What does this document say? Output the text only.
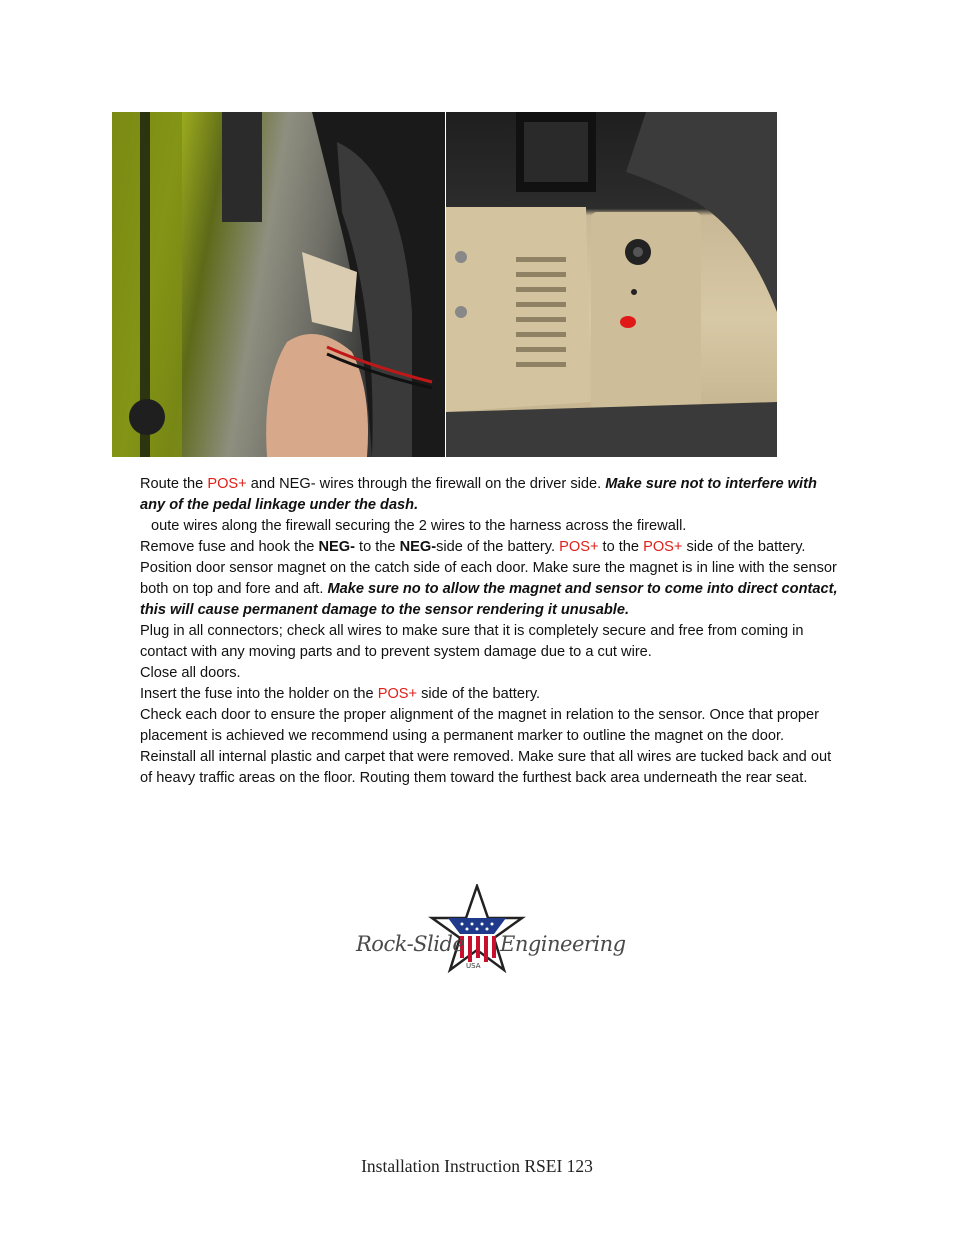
Route the POS+ and NEG- wires through the firewall on the driver side. Make sure not to interfere with any of the pedal linkage under the dash.

oute wires along the firewall securing the 2 wires to the harness across the firewall.

Remove fuse and hook the NEG- to the NEG-side of the battery. POS+ to the POS+ side of the battery.

Position door sensor magnet on the catch side of each door. Make sure the magnet is in line with the sensor both on top and fore and aft. Make sure no to allow the magnet and sensor to come into direct contact, this will cause permanent damage to the sensor rendering it unusable.

Plug in all connectors; check all wires to make sure that it is completely secure and free from coming in contact with any moving parts and to prevent system damage due to a cut wire.

Close all doors.

Insert the fuse into the holder on the POS+ side of the battery.

Check each door to ensure the proper alignment of the magnet in relation to the sensor. Once that proper placement is achieved we recommend using a permanent marker to outline the magnet on the door.

Reinstall all internal plastic and carpet that were removed. Make sure that all wires are tucked back and out of heavy traffic areas on the floor. Routing them toward the furthest back area underneath the rear seat.

Rock-Slide Engineering
USA
Installation Instruction RSEI 123
